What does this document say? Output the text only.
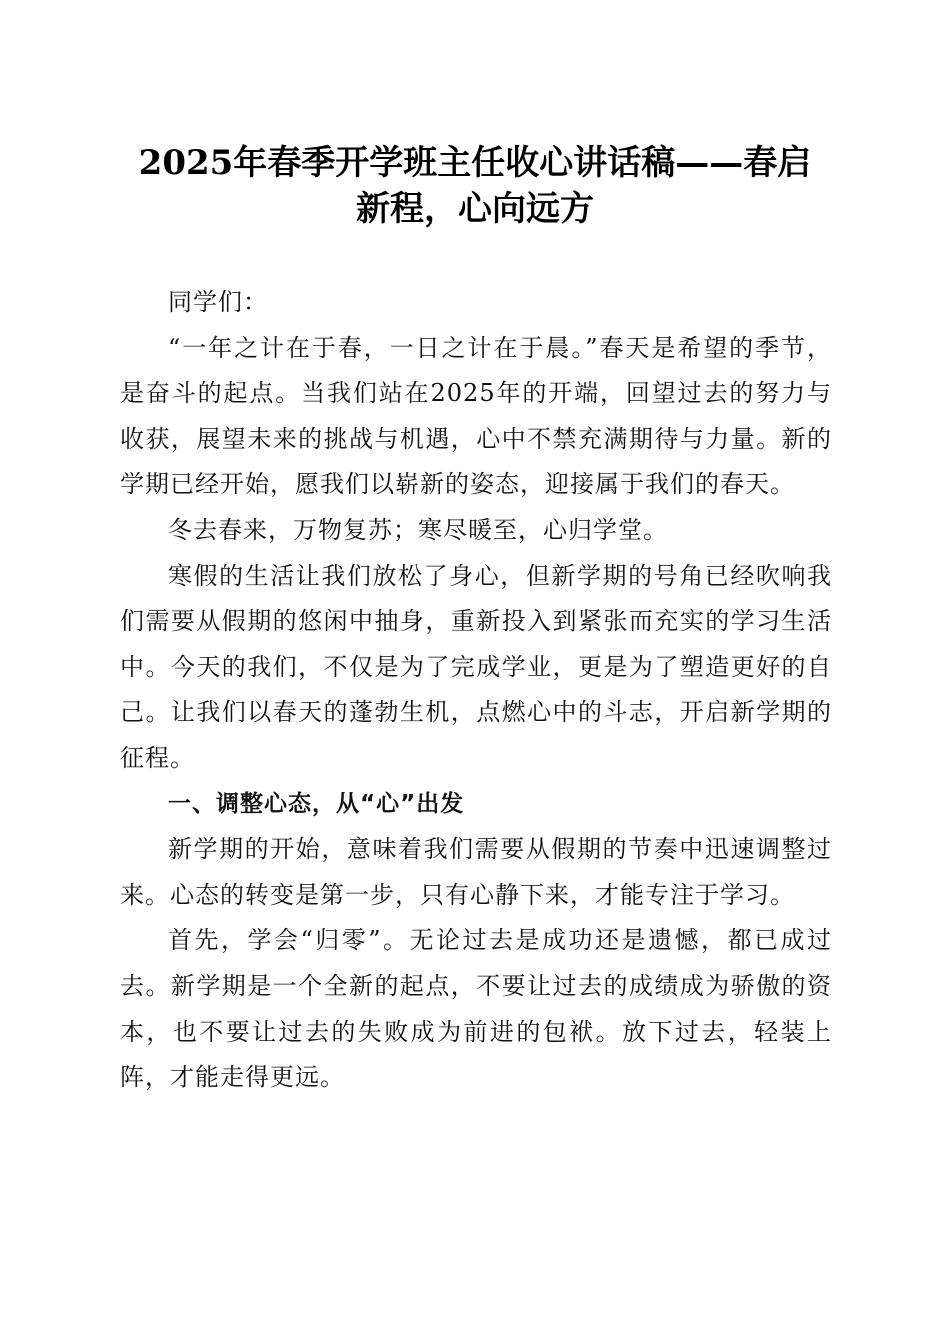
2025年春季开学班主任收心讲话稿——春启
新程，心向远方

同学们：

“一年之计在于春，一日之计在于晨。”春天是希望的季节，是奋斗的起点。当我们站在2025年的开端，回望过去的努力与收获，展望未来的挑战与机遇，心中不禁充满期待与力量。新的学期已经开始，愿我们以崭新的姿态，迎接属于我们的春天。

冬去春来，万物复苏；寒尽暖至，心归学堂。

寒假的生活让我们放松了身心，但新学期的号角已经吹响我们需要从假期的悠闲中抽身，重新投入到紧张而充实的学习生活中。今天的我们，不仅是为了完成学业，更是为了塑造更好的自己。让我们以春天的蓬勃生机，点燃心中的斗志，开启新学期的征程。

一、调整心态，从“心”出发

新学期的开始，意味着我们需要从假期的节奏中迅速调整过来。心态的转变是第一步，只有心静下来，才能专注于学习。

首先，学会“归零”。无论过去是成功还是遗憾，都已成过去。新学期是一个全新的起点，不要让过去的成绩成为骄傲的资本，也不要让过去的失败成为前进的包袱。放下过去，轻装上阵，才能走得更远。
